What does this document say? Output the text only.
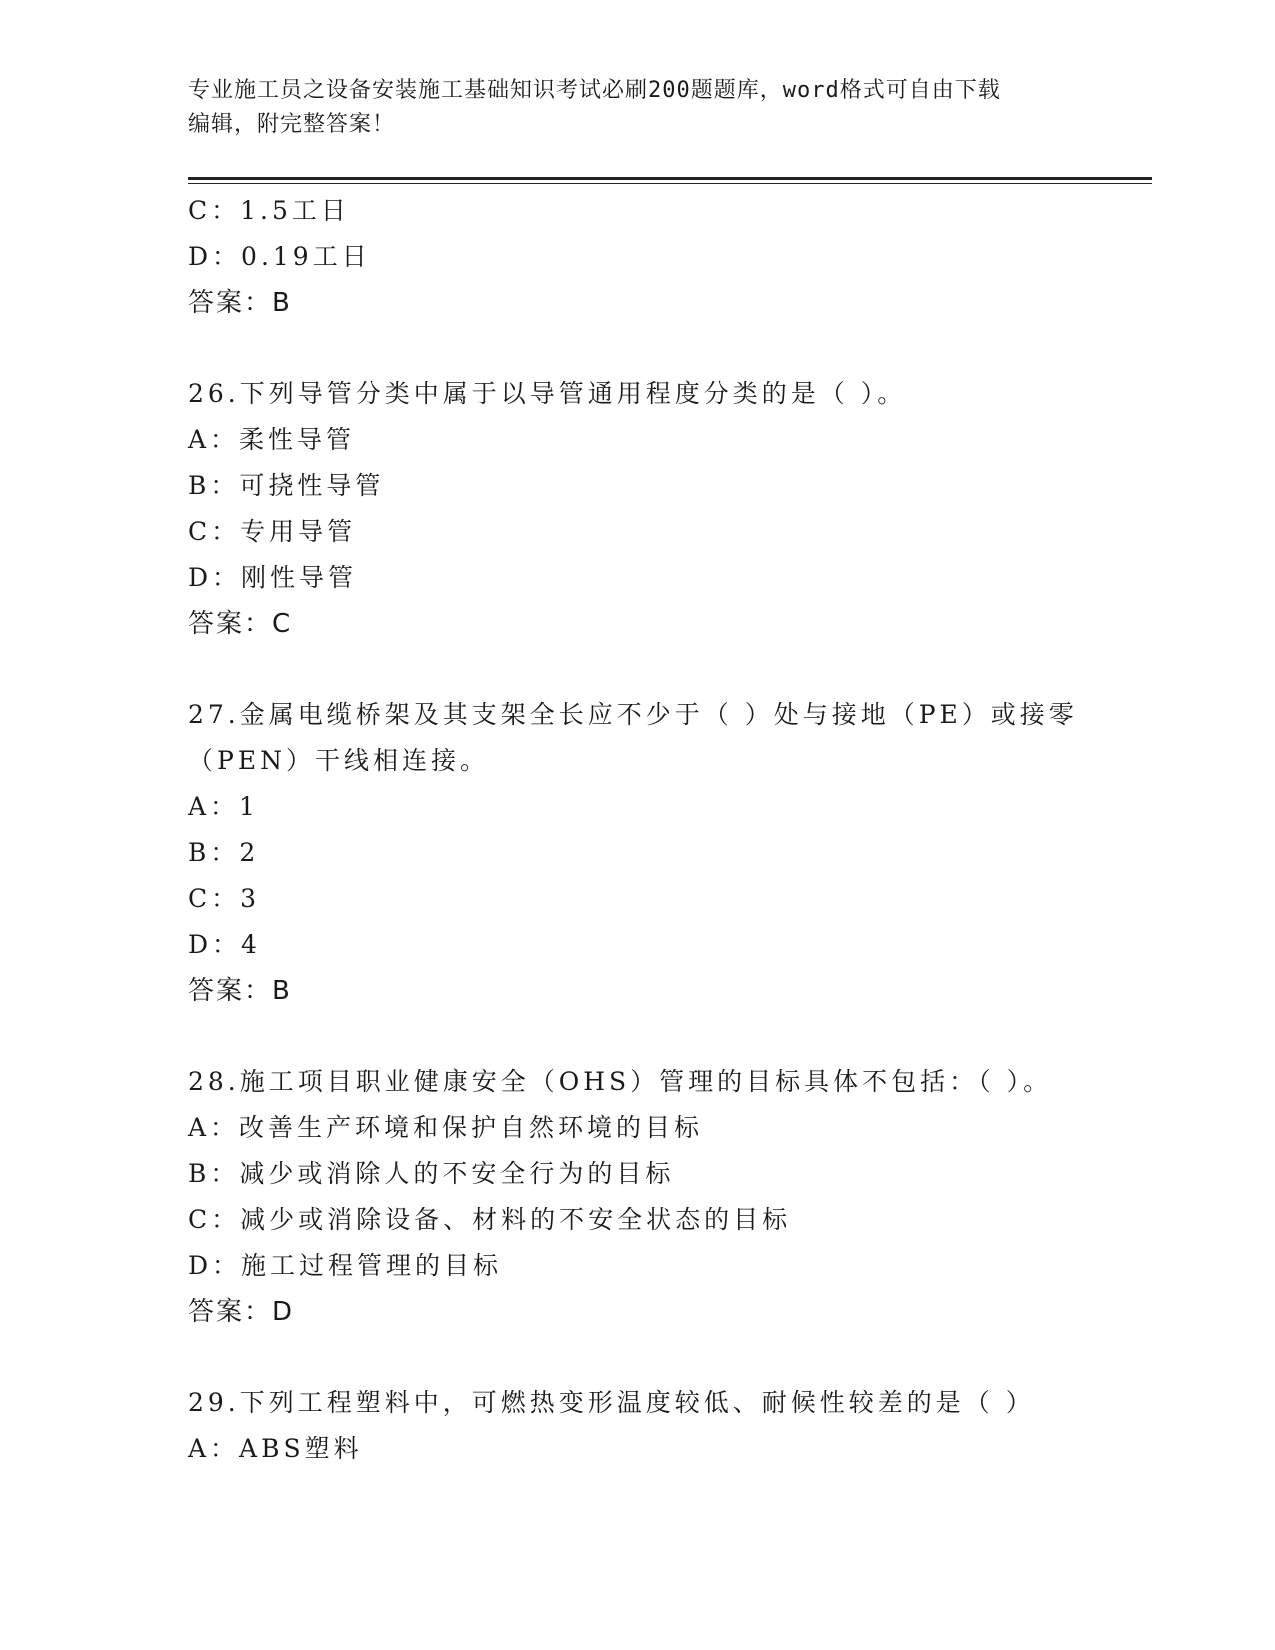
专业施工员之设备安装施工基础知识考试必刷200题题库，word格式可自由下载
编辑，附完整答案！

C：1.5工日

D：0.19工日

答案：B

26.下列导管分类中属于以导管通用程度分类的是（ ）。

A：柔性导管

B：可挠性导管

C：专用导管

D：刚性导管

答案：C

27.金属电缆桥架及其支架全长应不少于（ ）处与接地（PE）或接零

（PEN）干线相连接。

A：1

B：2

C：3

D：4

答案：B

28.施工项目职业健康安全（OHS）管理的目标具体不包括：（ ）。

A：改善生产环境和保护自然环境的目标

B：减少或消除人的不安全行为的目标

C：减少或消除设备、材料的不安全状态的目标

D：施工过程管理的目标

答案：D

29.下列工程塑料中，可燃热变形温度较低、耐候性较差的是（ ）

A：ABS塑料
